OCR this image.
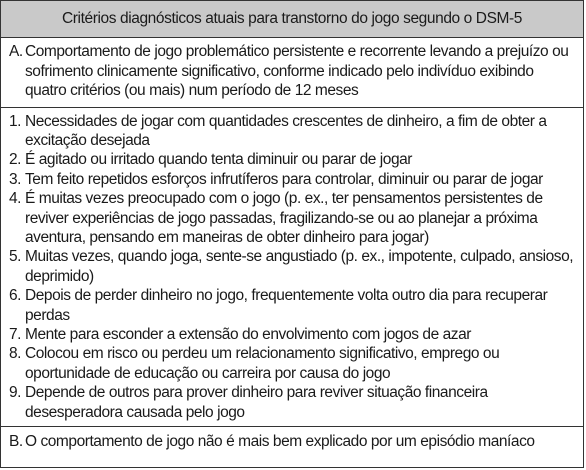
Critérios diagnósticos atuais para transtorno do jogo segundo o DSM-5
A. Comportamento de jogo problemático persistente e recorrente levando a prejuízo ou sofrimento clinicamente significativo, conforme indicado pelo indivíduo exibindo quatro critérios (ou mais) num período de 12 meses
1. Necessidades de jogar com quantidades crescentes de dinheiro, a fim de obter a excitação desejada
2. É agitado ou irritado quando tenta diminuir ou parar de jogar
3. Tem feito repetidos esforços infrutíferos para controlar, diminuir ou parar de jogar
4. É muitas vezes preocupado com o jogo (p. ex., ter pensamentos persistentes de reviver experiências de jogo passadas, fragilizando-se ou ao planejar a próxima aventura, pensando em maneiras de obter dinheiro para jogar)
5. Muitas vezes, quando joga, sente-se angustiado (p. ex., impotente, culpado, ansioso, deprimido)
6. Depois de perder dinheiro no jogo, frequentemente volta outro dia para recuperar perdas
7. Mente para esconder a extensão do envolvimento com jogos de azar
8. Colocou em risco ou perdeu um relacionamento significativo, emprego ou oportunidade de educação ou carreira por causa do jogo
9. Depende de outros para prover dinheiro para reviver situação financeira desesperadora causada pelo jogo
B. O comportamento de jogo não é mais bem explicado por um episódio maníaco
